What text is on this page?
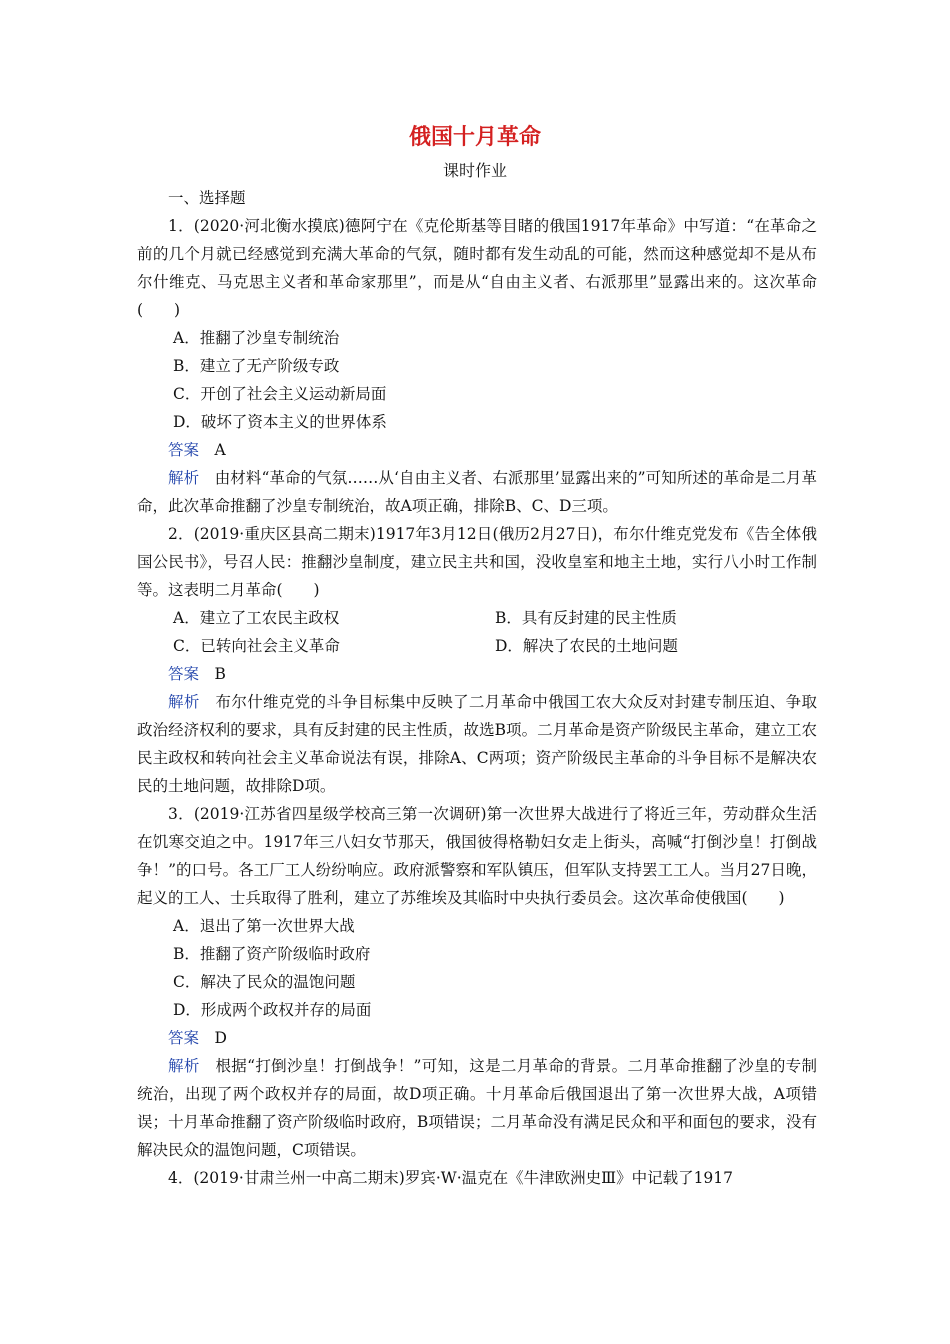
俄国十月革命
课时作业

一、选择题

1．(2020·河北衡水摸底)德阿宁在《克伦斯基等目睹的俄国1917年革命》中写道：“在革命之前的几个月就已经感觉到充满大革命的气氛，随时都有发生动乱的可能，然而这种感觉却不是从布尔什维克、马克思主义者和革命家那里”，而是从“自由主义者、右派那里”显露出来的。这次革命(　　)

A．推翻了沙皇专制统治

B．建立了无产阶级专政

C．开创了社会主义运动新局面

D．破坏了资本主义的世界体系

答案　 A

解析　 由材料“革命的气氛……从‘自由主义者、右派那里’显露出来的”可知所述的革命是二月革命，此次革命推翻了沙皇专制统治，故A项正确，排除B、C、D三项。

2．(2019·重庆区县高二期末)1917年3月12日(俄历2月27日)，布尔什维克党发布《告全体俄国公民书》，号召人民：推翻沙皇制度，建立民主共和国，没收皇室和地主土地，实行八小时工作制等。这表明二月革命(　　)

A．建立了工农民主政权	B．具有反封建的民主性质
C．已转向社会主义革命	D．解决了农民的土地问题

答案　 B

解析　 布尔什维克党的斗争目标集中反映了二月革命中俄国工农大众反对封建专制压迫、争取政治经济权利的要求，具有反封建的民主性质，故选B项。二月革命是资产阶级民主革命，建立工农民主政权和转向社会主义革命说法有误，排除A、C两项；资产阶级民主革命的斗争目标不是解决农民的土地问题，故排除D项。

3．(2019·江苏省四星级学校高三第一次调研)第一次世界大战进行了将近三年，劳动群众生活在饥寒交迫之中。1917年三八妇女节那天，俄国彼得格勒妇女走上街头，高喊“打倒沙皇！打倒战争！”的口号。各工厂工人纷纷响应。政府派警察和军队镇压，但军队支持罢工工人。当月27日晚，起义的工人、士兵取得了胜利，建立了苏维埃及其临时中央执行委员会。这次革命使俄国(　　)

A．退出了第一次世界大战

B．推翻了资产阶级临时政府

C．解决了民众的温饱问题

D．形成两个政权并存的局面

答案　 D

解析　 根据“打倒沙皇！打倒战争！”可知，这是二月革命的背景。二月革命推翻了沙皇的专制统治，出现了两个政权并存的局面，故D项正确。十月革命后俄国退出了第一次世界大战，A项错误；十月革命推翻了资产阶级临时政府，B项错误；二月革命没有满足民众和平和面包的要求，没有解决民众的温饱问题，C项错误。

4．(2019·甘肃兰州一中高二期末)罗宾·W·温克在《牛津欧洲史Ⅲ》中记载了1917
